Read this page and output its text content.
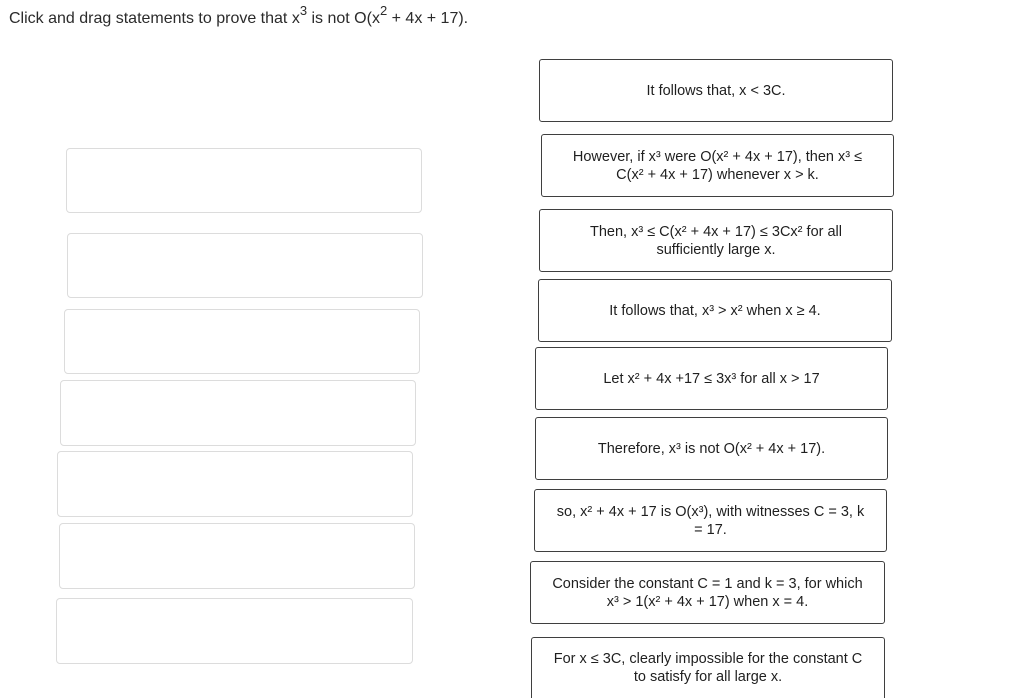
Click and drag statements to prove that $x^3$ is not $O(x^2 + 4x + 17)$.
It follows that, x < 3C.
However, if x³ were O(x² + 4x + 17), then x³ ≤ C(x² + 4x + 17) whenever x > k.
Then, x³ ≤ C(x² + 4x + 17) ≤ 3Cx² for all sufficiently large x.
It follows that, x³ > x² when x ≥ 4.
Let x² + 4x +17 ≤ 3x³ for all x > 17
Therefore, x³ is not O(x² + 4x + 17).
so, x² + 4x + 17 is O(x³), with witnesses C = 3, k = 17.
Consider the constant C = 1 and k = 3, for which x³ > 1(x² + 4x + 17) when x = 4.
For x ≤ 3C, clearly impossible for the constant C to satisfy for all large x.
